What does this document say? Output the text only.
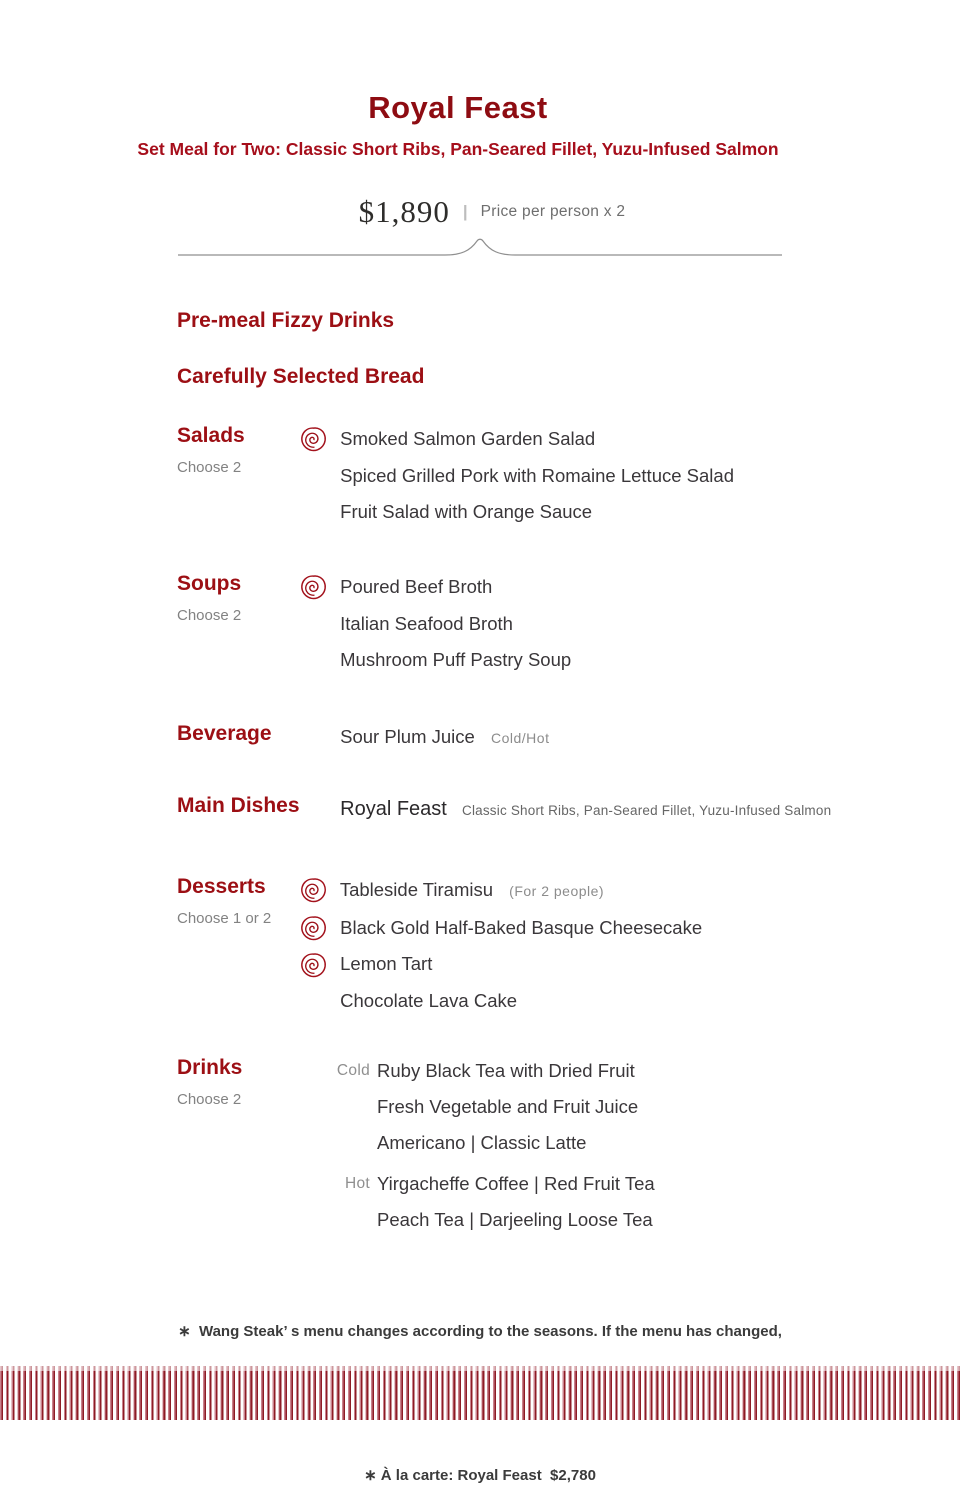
Royal Feast
Set Meal for Two: Classic Short Ribs, Pan-Seared Fillet, Yuzu-Infused Salmon
$1,890 | Price per person x 2
Pre-meal Fizzy Drinks
Carefully Selected Bread
Salads
Choose 2
Smoked Salmon Garden Salad
Spiced Grilled Pork with Romaine Lettuce Salad
Fruit Salad with Orange Sauce
Soups
Choose 2
Poured Beef Broth
Italian Seafood Broth
Mushroom Puff Pastry Soup
Beverage	Sour Plum Juice Cold/Hot
Main Dishes	Royal Feast Classic Short Ribs, Pan-Seared Fillet, Yuzu-Infused Salmon
Desserts
Choose 1 or 2
Tableside Tiramisu (For 2 people)
Black Gold Half-Baked Basque Cheesecake
Lemon Tart
Chocolate Lava Cake
Drinks
Choose 2
Cold Ruby Black Tea with Dried Fruit
Fresh Vegetable and Fruit Juice
Americano | Classic Latte
Hot Yirgacheffe Coffee | Red Fruit Tea
Peach Tea | Darjeeling Loose Tea

∗  Wang Steak’ s menu changes according to the seasons. If the menu has changed,

∗ À la carte: Royal Feast  $2,780
